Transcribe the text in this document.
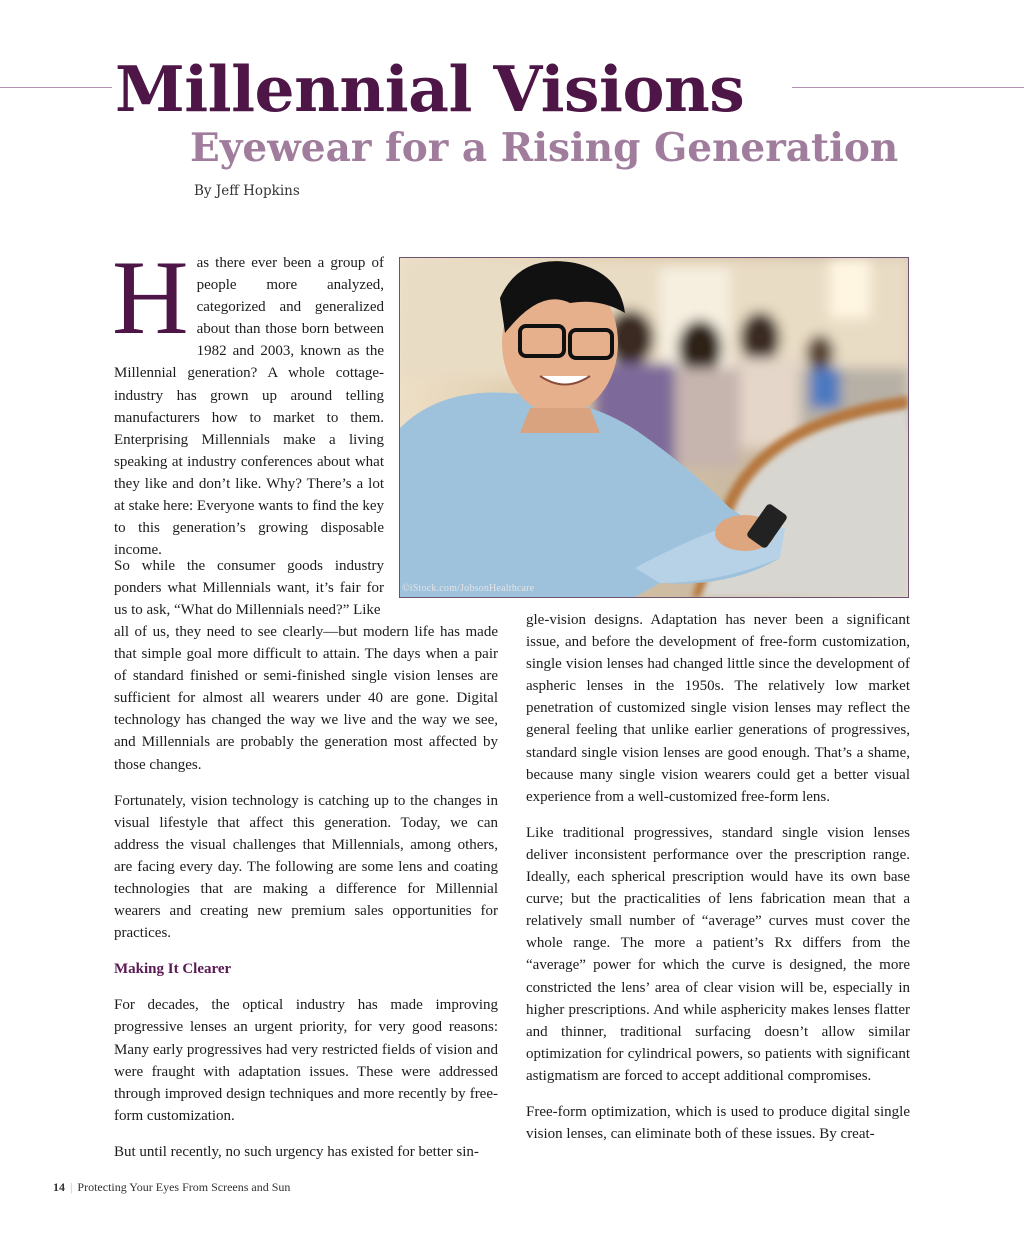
Millennial Visions
Eyewear for a Rising Generation
By Jeff Hopkins
©iStock.com/JobsonHealthcare

Has there ever been a group of people more analyzed, categorized and generalized about than those born between 1982 and 2003, known as the Millennial generation? A whole cottage-industry has grown up around telling manufacturers how to market to them. Enterprising Millennials make a living speaking at industry conferences about what they like and don’t like. Why? There’s a lot at stake here: Everyone wants to find the key to this generation’s growing disposable income.

So while the consumer goods industry ponders what Millennials want, it’s fair for us to ask, “What do Millennials need?” Like

all of us, they need to see clearly—but modern life has made that simple goal more difficult to attain. The days when a pair of standard finished or semi-finished single vision lenses are sufficient for almost all wearers under 40 are gone. Digital technology has changed the way we live and the way we see, and Millennials are probably the generation most affected by those changes.

Fortunately, vision technology is catching up to the changes in visual lifestyle that affect this generation. Today, we can address the visual challenges that Millennials, among others, are facing every day. The following are some lens and coating technologies that are making a difference for Millennial wearers and creating new premium sales opportunities for practices.

Making It Clearer

For decades, the optical industry has made improving progressive lenses an urgent priority, for very good reasons: Many early progressives had very restricted fields of vision and were fraught with adaptation issues. These were addressed through improved design techniques and more recently by free-form customization.

But until recently, no such urgency has existed for better sin-

gle-vision designs. Adaptation has never been a significant issue, and before the development of free-form customization, single vision lenses had changed little since the development of aspheric lenses in the 1950s. The relatively low market penetration of customized single vision lenses may reflect the general feeling that unlike earlier generations of progressives, standard single vision lenses are good enough. That’s a shame, because many single vision wearers could get a better visual experience from a well-customized free-form lens.

Like traditional progressives, standard single vision lenses deliver inconsistent performance over the prescription range. Ideally, each spherical prescription would have its own base curve; but the practicalities of lens fabrication mean that a relatively small number of “average” curves must cover the whole range. The more a patient’s Rx differs from the “average” power for which the curve is designed, the more constricted the lens’ area of clear vision will be, especially in higher prescriptions. And while asphericity makes lenses flatter and thinner, traditional surfacing doesn’t allow similar optimization for cylindrical powers, so patients with significant astigmatism are forced to accept additional compromises.

Free-form optimization, which is used to produce digital single vision lenses, can eliminate both of these issues. By creat-

14 | Protecting Your Eyes From Screens and Sun
